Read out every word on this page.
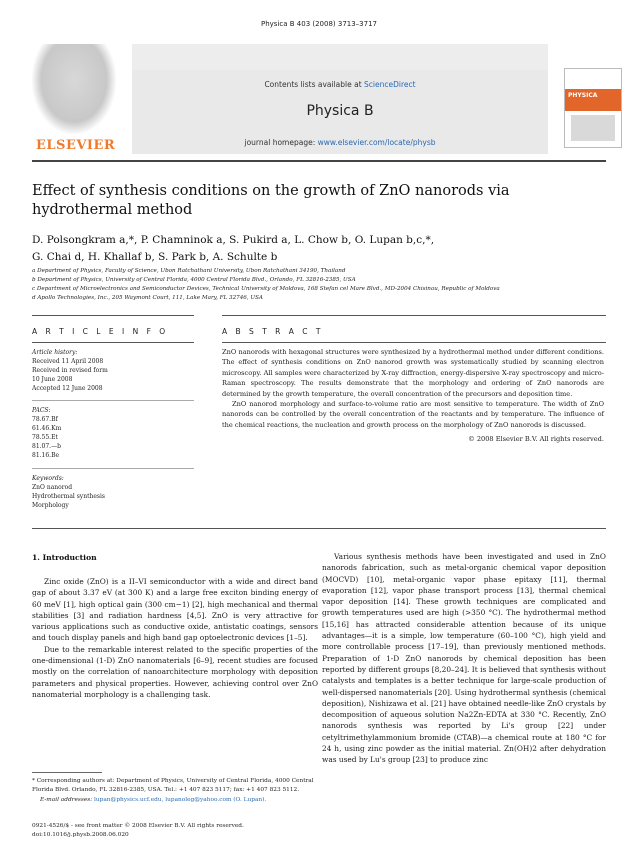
Physica B 403 (2008) 3713–3717
ELSEVIER
Contents lists available at ScienceDirect
Physica B
journal homepage: www.elsevier.com/locate/physb
PHYSICA
Effect of synthesis conditions on the growth of ZnO nanorods via
hydrothermal method
D. Polsongkram a,*, P. Chamninok a, S. Pukird a, L. Chow b, O. Lupan b,c,*,
G. Chai d, H. Khallaf b, S. Park b, A. Schulte b
a Department of Physics, Faculty of Science, Ubon Ratchathani University, Ubon Ratchathani 34190, Thailand
b Department of Physics, University of Central Florida, 4000 Central Florida Blvd., Orlando, FL 32816-2385, USA
c Department of Microelectronics and Semiconductor Devices, Technical University of Moldova, 168 Stefan cel Mare Blvd., MD-2004 Chisinau, Republic of Moldova
d Apollo Technologies, Inc., 205 Waymont Court, 111, Lake Mary, FL 32746, USA
A R T I C L E I N F O	A B S T R A C T
Article history:
Received 11 April 2008
Received in revised form
10 June 2008
Accepted 12 June 2008
PACS:
78.67.Bf
61.46.Km
78.55.Et
81.07.—b
81.16.Be
Keywords:
ZnO nanorod
Hydrothermal synthesis
Morphology

ZnO nanorods with hexagonal structures were synthesized by a hydrothermal method under different conditions. The effect of synthesis conditions on ZnO nanorod growth was systematically studied by scanning electron microscopy. All samples were characterized by X-ray diffraction, energy-dispersive X-ray spectroscopy and micro-Raman spectroscopy. The results demonstrate that the morphology and ordering of ZnO nanorods are determined by the growth temperature, the overall concentration of the precursors and deposition time.

ZnO nanorod morphology and surface-to-volume ratio are most sensitive to temperature. The width of ZnO nanorods can be controlled by the overall concentration of the reactants and by temperature. The influence of the chemical reactions, the nucleation and growth process on the morphology of ZnO nanorods is discussed.

© 2008 Elsevier B.V. All rights reserved.

1. Introduction

Zinc oxide (ZnO) is a II–VI semiconductor with a wide and direct band gap of about 3.37 eV (at 300 K) and a large free exciton binding energy of 60 meV [1], high optical gain (300 cm−1) [2], high mechanical and thermal stabilities [3] and radiation hardness [4,5]. ZnO is very attractive for various applications such as conductive oxide, antistatic coatings, sensors and touch display panels and high band gap optoelectronic devices [1–5].

Due to the remarkable interest related to the specific properties of the one-dimensional (1-D) ZnO nanomaterials [6–9], recent studies are focused mostly on the correlation of nanoarchitecture morphology with deposition parameters and physical properties. However, achieving control over ZnO nanomaterial morphology is a challenging task.

* Corresponding authors at: Department of Physics, University of Central Florida, 4000 Central Florida Blvd. Orlando, FL 32816-2385, USA. Tel.: +1 407 823 5117; fax: +1 407 823 5112.
E-mail addresses: lupan@physics.ucf.edu, lupanoleg@yahoo.com (O. Lupan).
0921-4526/$ - see front matter © 2008 Elsevier B.V. All rights reserved.
doi:10.1016/j.physb.2008.06.020

Various synthesis methods have been investigated and used in ZnO nanorods fabrication, such as metal-organic chemical vapor deposition (MOCVD) [10], metal-organic vapor phase epitaxy [11], thermal evaporation [12], vapor phase transport process [13], thermal chemical vapor deposition [14]. These growth techniques are complicated and growth temperatures used are high (>350 °C). The hydrothermal method [15,16] has attracted considerable attention because of its unique advantages—it is a simple, low temperature (60–100 °C), high yield and more controllable process [17–19], than previously mentioned methods. Preparation of 1-D ZnO nanorods by chemical deposition has been reported by different groups [8,20–24]. It is believed that synthesis without catalysts and templates is a better technique for large-scale production of well-dispersed nanomaterials [20]. Using hydrothermal synthesis (chemical deposition), Nishizawa et al. [21] have obtained needle-like ZnO crystals by decomposition of aqueous solution Na2Zn-EDTA at 330 °C. Recently, ZnO nanorods synthesis was reported by Li's group [22] under cetyltrimethylammonium bromide (CTAB)—a chemical route at 180 °C for 24 h, using zinc powder as the initial material. Zn(OH)2 after dehydration was used by Lu's group [23] to produce zinc
